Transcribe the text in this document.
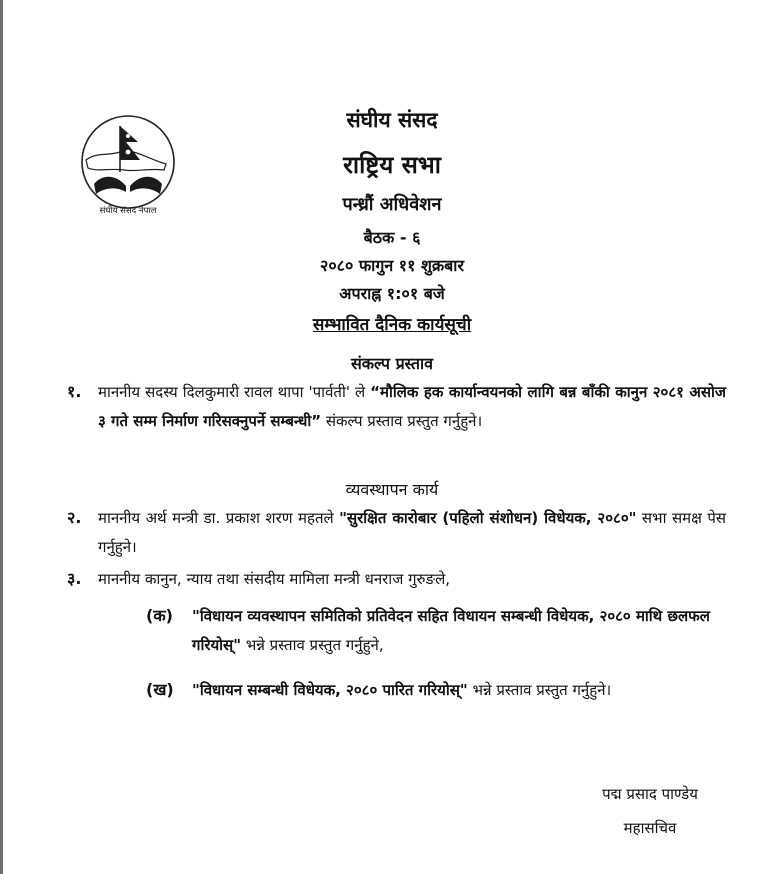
संघीय संसद नेपाल

संघीय संसद

राष्ट्रिय सभा

पन्ध्रौं अधिवेशन

बैठक - ६

२०८० फागुन ११ शुक्रबार

अपराह्न १:०१ बजे

सम्भावित दैनिक कार्यसूची

संकल्प प्रस्ताव

१. माननीय सदस्य दिलकुमारी रावल थापा 'पार्वती' ले “मौलिक हक कार्यान्वयनको लागि बन्न बाँकी कानुन २०८१ असोज ३ गते सम्म निर्माण गरिसक्नुपर्ने सम्बन्धी” संकल्प प्रस्ताव प्रस्तुत गर्नुहुने।

व्यवस्थापन कार्य

२. माननीय अर्थ मन्त्री डा. प्रकाश शरण महतले "सुरक्षित कारोबार (पहिलो संशोधन) विधेयक, २०८०" सभा समक्ष पेस गर्नुहुने।
३. माननीय कानुन, न्याय तथा संसदीय मामिला मन्त्री धनराज गुरुङले,
(क) "विधायन व्यवस्थापन समितिको प्रतिवेदन सहित विधायन सम्बन्धी विधेयक, २०८० माथि छलफल गरियोस्" भन्ने प्रस्ताव प्रस्तुत गर्नुहुने,
(ख) "विधायन सम्बन्धी विधेयक, २०८० पारित गरियोस्" भन्ने प्रस्ताव प्रस्तुत गर्नुहुने।

पद्म प्रसाद पाण्डेय

महासचिव
